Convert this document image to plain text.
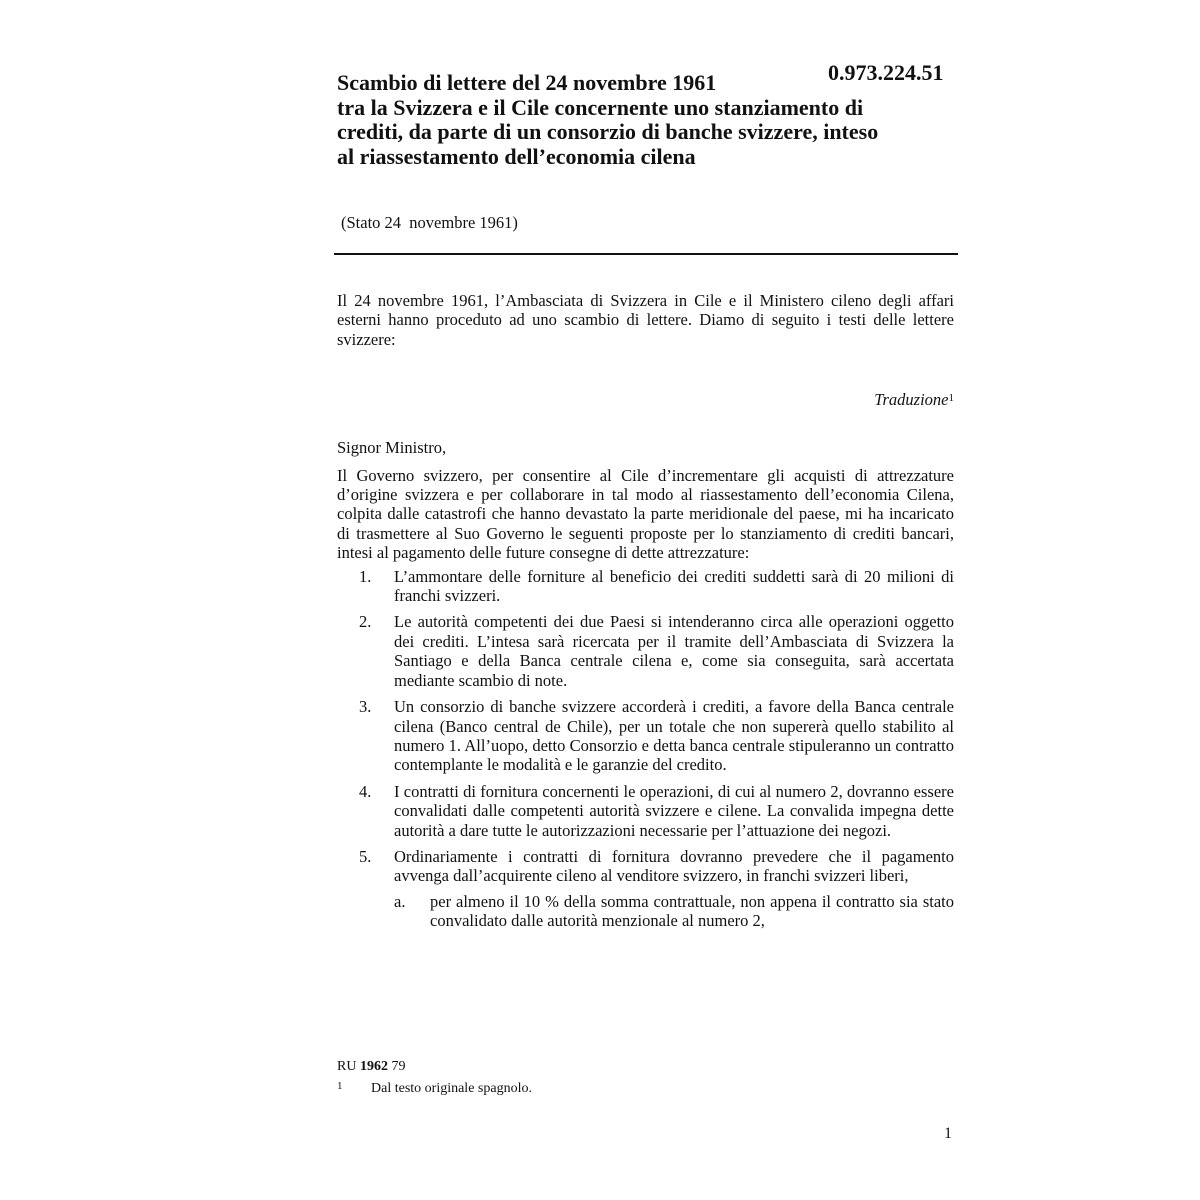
0.973.224.51
Scambio di lettere del 24 novembre 1961
tra la Svizzera e il Cile concernente uno stanziamento di
crediti, da parte di un consorzio di banche svizzere, inteso
al riassestamento dell’economia cilena
(Stato 24  novembre 1961)

Il 24 novembre 1961, l’Ambasciata di Svizzera in Cile e il Ministero cileno degli affari esterni hanno proceduto ad uno scambio di lettere. Diamo di seguito i testi delle lettere svizzere:

Traduzione$^1$

Signor Ministro,

Il Governo svizzero, per consentire al Cile d’incrementare gli acquisti di attrezzature d’origine svizzera e per collaborare in tal modo al riassestamento dell’economia Cilena, colpita dalle catastrofi che hanno devastato la parte meridionale del paese, mi ha incaricato di trasmettere al Suo Governo le seguenti proposte per lo stanziamento di crediti bancari, intesi al pagamento delle future consegne di dette attrezzature:

1. L’ammontare delle forniture al beneficio dei crediti suddetti sarà di 20 milioni di franchi svizzeri.
2. Le autorità competenti dei due Paesi si intenderanno circa alle operazioni oggetto dei crediti. L’intesa sarà ricercata per il tramite dell’Ambasciata di Svizzera la Santiago e della Banca centrale cilena e, come sia conseguita, sarà accertata mediante scambio di note.
3. Un consorzio di banche svizzere accorderà i crediti, a favore della Banca centrale cilena (Banco central de Chile), per un totale che non supererà quello stabilito al numero 1. All’uopo, detto Consorzio e detta banca centrale stipuleranno un contratto contemplante le modalità e le garanzie del credito.
4. I contratti di fornitura concernenti le operazioni, di cui al numero 2, dovranno essere convalidati dalle competenti autorità svizzere e cilene. La convalida impegna dette autorità a dare tutte le autorizzazioni necessarie per l’attuazione dei negozi.
5. Ordinariamente i contratti di fornitura dovranno prevedere che il pagamento avvenga dall’acquirente cileno al venditore svizzero, in franchi svizzeri liberi,
a. per almeno il 10 % della somma contrattuale, non appena il contratto sia stato convalidato dalle autorità menzionale al numero 2,
RU 1962 79
1 Dal testo originale spagnolo.
1
